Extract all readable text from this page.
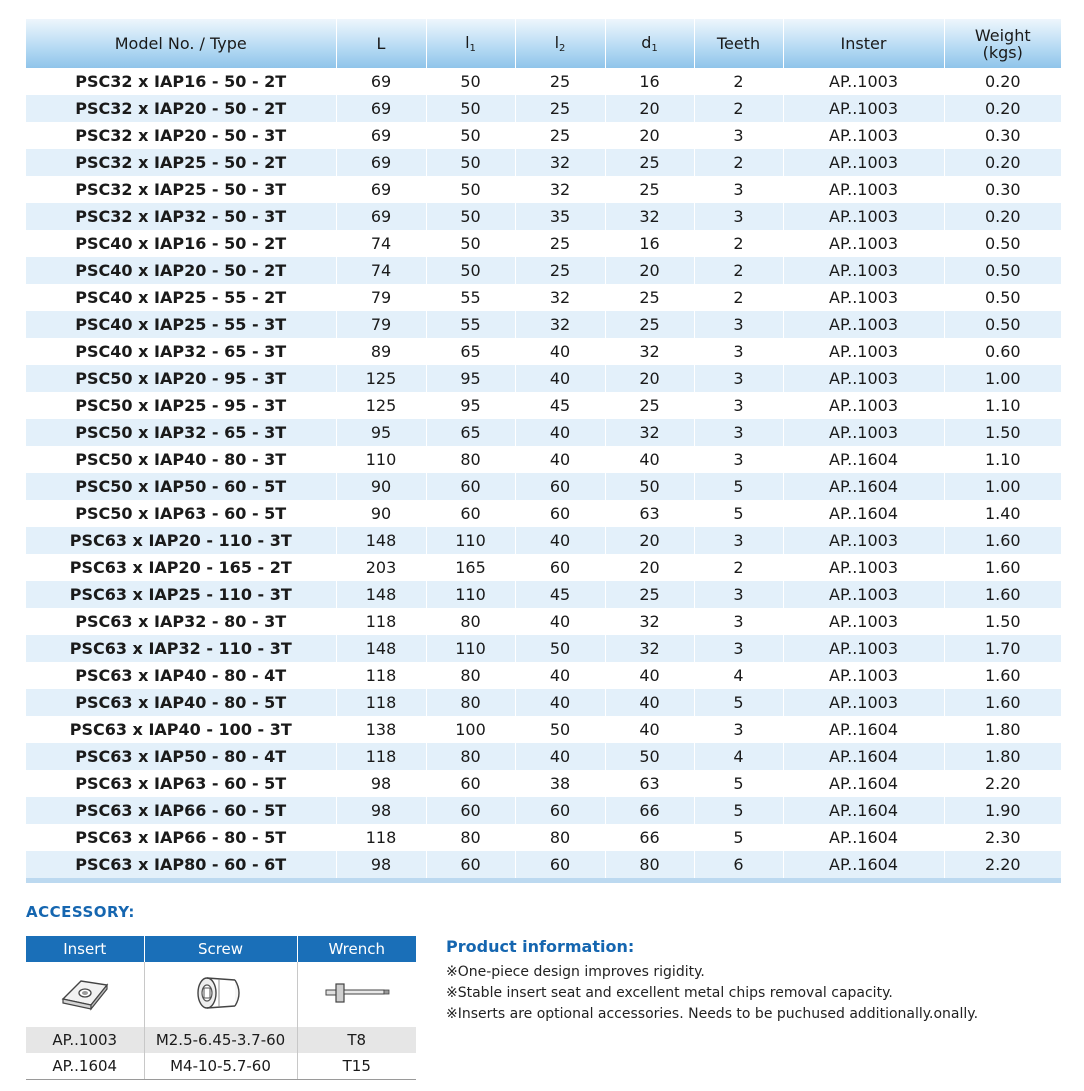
Model No. / Type	L	l1	l2	d1	Teeth	Inster	Weight
(kgs)
PSC32 x IAP16 - 50 - 2T	69	50	25	16	2	AP..1003	0.20
PSC32 x IAP20 - 50 - 2T	69	50	25	20	2	AP..1003	0.20
PSC32 x IAP20 - 50 - 3T	69	50	25	20	3	AP..1003	0.30
PSC32 x IAP25 - 50 - 2T	69	50	32	25	2	AP..1003	0.20
PSC32 x IAP25 - 50 - 3T	69	50	32	25	3	AP..1003	0.30
PSC32 x IAP32 - 50 - 3T	69	50	35	32	3	AP..1003	0.20
PSC40 x IAP16 - 50 - 2T	74	50	25	16	2	AP..1003	0.50
PSC40 x IAP20 - 50 - 2T	74	50	25	20	2	AP..1003	0.50
PSC40 x IAP25 - 55 - 2T	79	55	32	25	2	AP..1003	0.50
PSC40 x IAP25 - 55 - 3T	79	55	32	25	3	AP..1003	0.50
PSC40 x IAP32 - 65 - 3T	89	65	40	32	3	AP..1003	0.60
PSC50 x IAP20 - 95 - 3T	125	95	40	20	3	AP..1003	1.00
PSC50 x IAP25 - 95 - 3T	125	95	45	25	3	AP..1003	1.10
PSC50 x IAP32 - 65 - 3T	95	65	40	32	3	AP..1003	1.50
PSC50 x IAP40 - 80 - 3T	110	80	40	40	3	AP..1604	1.10
PSC50 x IAP50 - 60 - 5T	90	60	60	50	5	AP..1604	1.00
PSC50 x IAP63 - 60 - 5T	90	60	60	63	5	AP..1604	1.40
PSC63 x IAP20 - 110 - 3T	148	110	40	20	3	AP..1003	1.60
PSC63 x IAP20 - 165 - 2T	203	165	60	20	2	AP..1003	1.60
PSC63 x IAP25 - 110 - 3T	148	110	45	25	3	AP..1003	1.60
PSC63 x IAP32 - 80 - 3T	118	80	40	32	3	AP..1003	1.50
PSC63 x IAP32 - 110 - 3T	148	110	50	32	3	AP..1003	1.70
PSC63 x IAP40 - 80 - 4T	118	80	40	40	4	AP..1003	1.60
PSC63 x IAP40 - 80 - 5T	118	80	40	40	5	AP..1003	1.60
PSC63 x IAP40 - 100 - 3T	138	100	50	40	3	AP..1604	1.80
PSC63 x IAP50 - 80 - 4T	118	80	40	50	4	AP..1604	1.80
PSC63 x IAP63 - 60 - 5T	98	60	38	63	5	AP..1604	2.20
PSC63 x IAP66 - 60 - 5T	98	60	60	66	5	AP..1604	1.90
PSC63 x IAP66 - 80 - 5T	118	80	80	66	5	AP..1604	2.30
PSC63 x IAP80 - 60 - 6T	98	60	60	80	6	AP..1604	2.20
ACCESSORY:
Insert	Screw	Wrench

AP..1003	M2.5-6.45-3.7-60	T8
AP..1604	M4-10-5.7-60	T15
Product information:
※One-piece design improves rigidity.
※Stable insert seat and excellent metal chips removal capacity.
※Inserts are optional accessories. Needs to be puchused additionally.onally.
